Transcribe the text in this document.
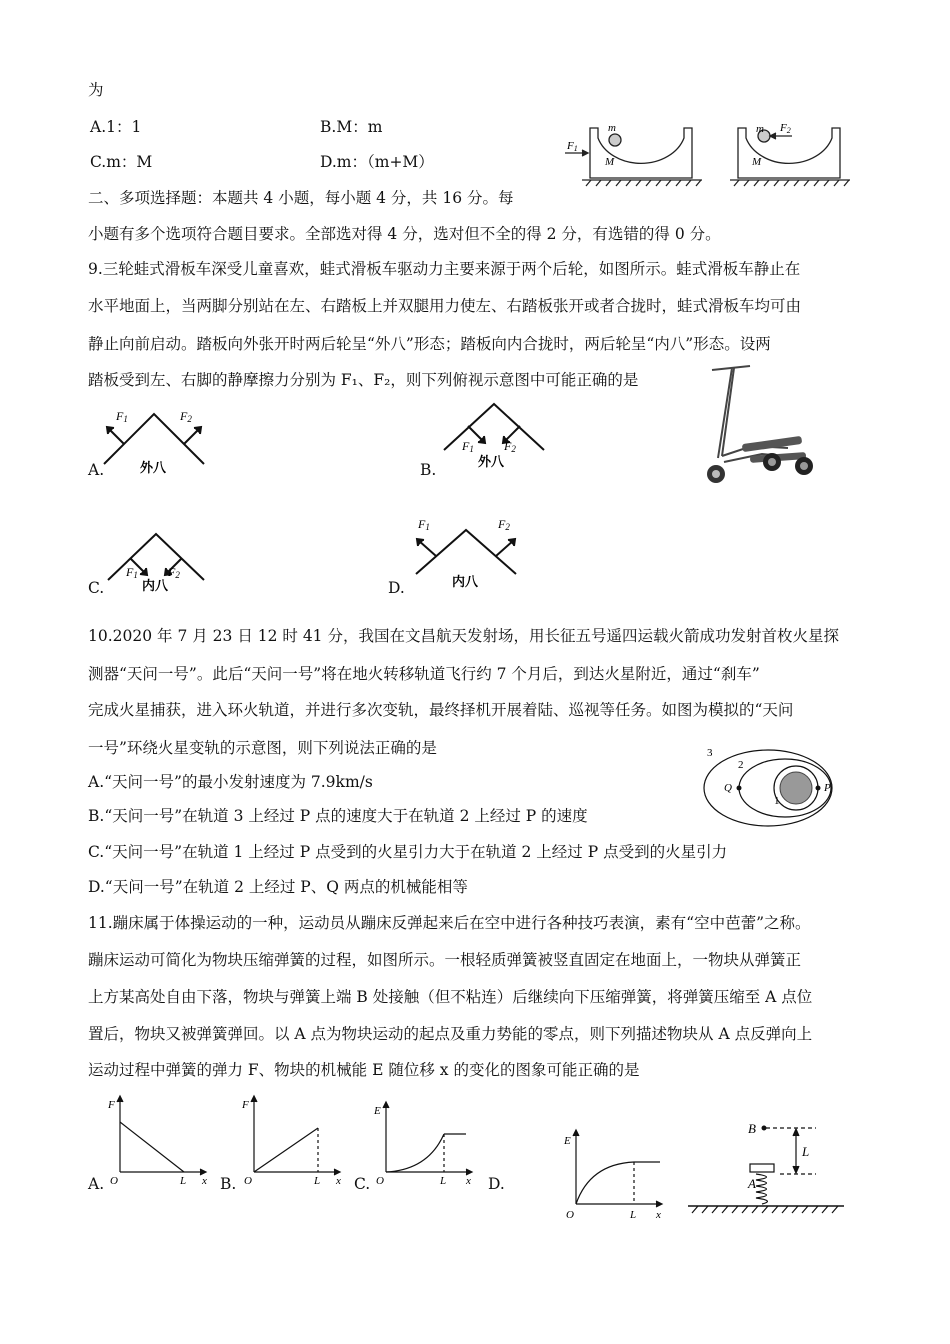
为
A.1：1	B.M：m
C.m：M	D.m：（m+M）
m
M
F1
m
M
F2
二、多项选择题：本题共 4 小题，每小题 4 分，共 16 分。每
小题有多个选项符合题目要求。全部选对得 4 分，选对但不全的得 2 分，有选错的得 0 分。
9.三轮蛙式滑板车深受儿童喜欢，蛙式滑板车驱动力主要来源于两个后轮，如图所示。蛙式滑板车静止在
水平地面上，当两脚分别站在左、右踏板上并双腿用力使左、右踏板张开或者合拢时，蛙式滑板车均可由
静止向前启动。踏板向外张开时两后轮呈“外八”形态；踏板向内合拢时，两后轮呈“内八”形态。设两
踏板受到左、右脚的静摩擦力分别为 F₁、F₂，则下列俯视示意图中可能正确的是
A.
F1	F2
外八	B.
F1	F2
外八
C.
F1	F2
内八	D.
F1	F2
内八
10.2020 年 7 月 23 日 12 时 41 分，我国在文昌航天发射场，用长征五号遥四运载火箭成功发射首枚火星探
测器“天问一号”。此后“天问一号”将在地火转移轨道飞行约 7 个月后，到达火星附近，通过“刹车”
完成火星捕获，进入环火轨道，并进行多次变轨，最终择机开展着陆、巡视等任务。如图为模拟的“天问
一号”环绕火星变轨的示意图，则下列说法正确的是
A.“天问一号”的最小发射速度为 7.9km/s
B.“天问一号”在轨道 3 上经过 P 点的速度大于在轨道 2 上经过 P 的速度
C.“天问一号”在轨道 1 上经过 P 点受到的火星引力大于在轨道 2 上经过 P 点受到的火星引力
D.“天问一号”在轨道 2 上经过 P、Q 两点的机械能相等
3
2
1
Q	P
11.蹦床属于体操运动的一种，运动员从蹦床反弹起来后在空中进行各种技巧表演，素有“空中芭蕾”之称。
蹦床运动可简化为物块压缩弹簧的过程，如图所示。一根轻质弹簧被竖直固定在地面上，一物块从弹簧正
上方某高处自由下落，物块与弹簧上端 B 处接触（但不粘连）后继续向下压缩弹簧，将弹簧压缩至 A 点位
置后，物块又被弹簧弹回。以 A 点为物块运动的起点及重力势能的零点，则下列描述物块从 A 点反弹向上
运动过程中弹簧的弹力 F、物块的机械能 E 随位移 x 的变化的图象可能正确的是
A.
F
O	L x B.
F
O	L x C.
E
O	L x D.
E
O	L x
B
A
L
